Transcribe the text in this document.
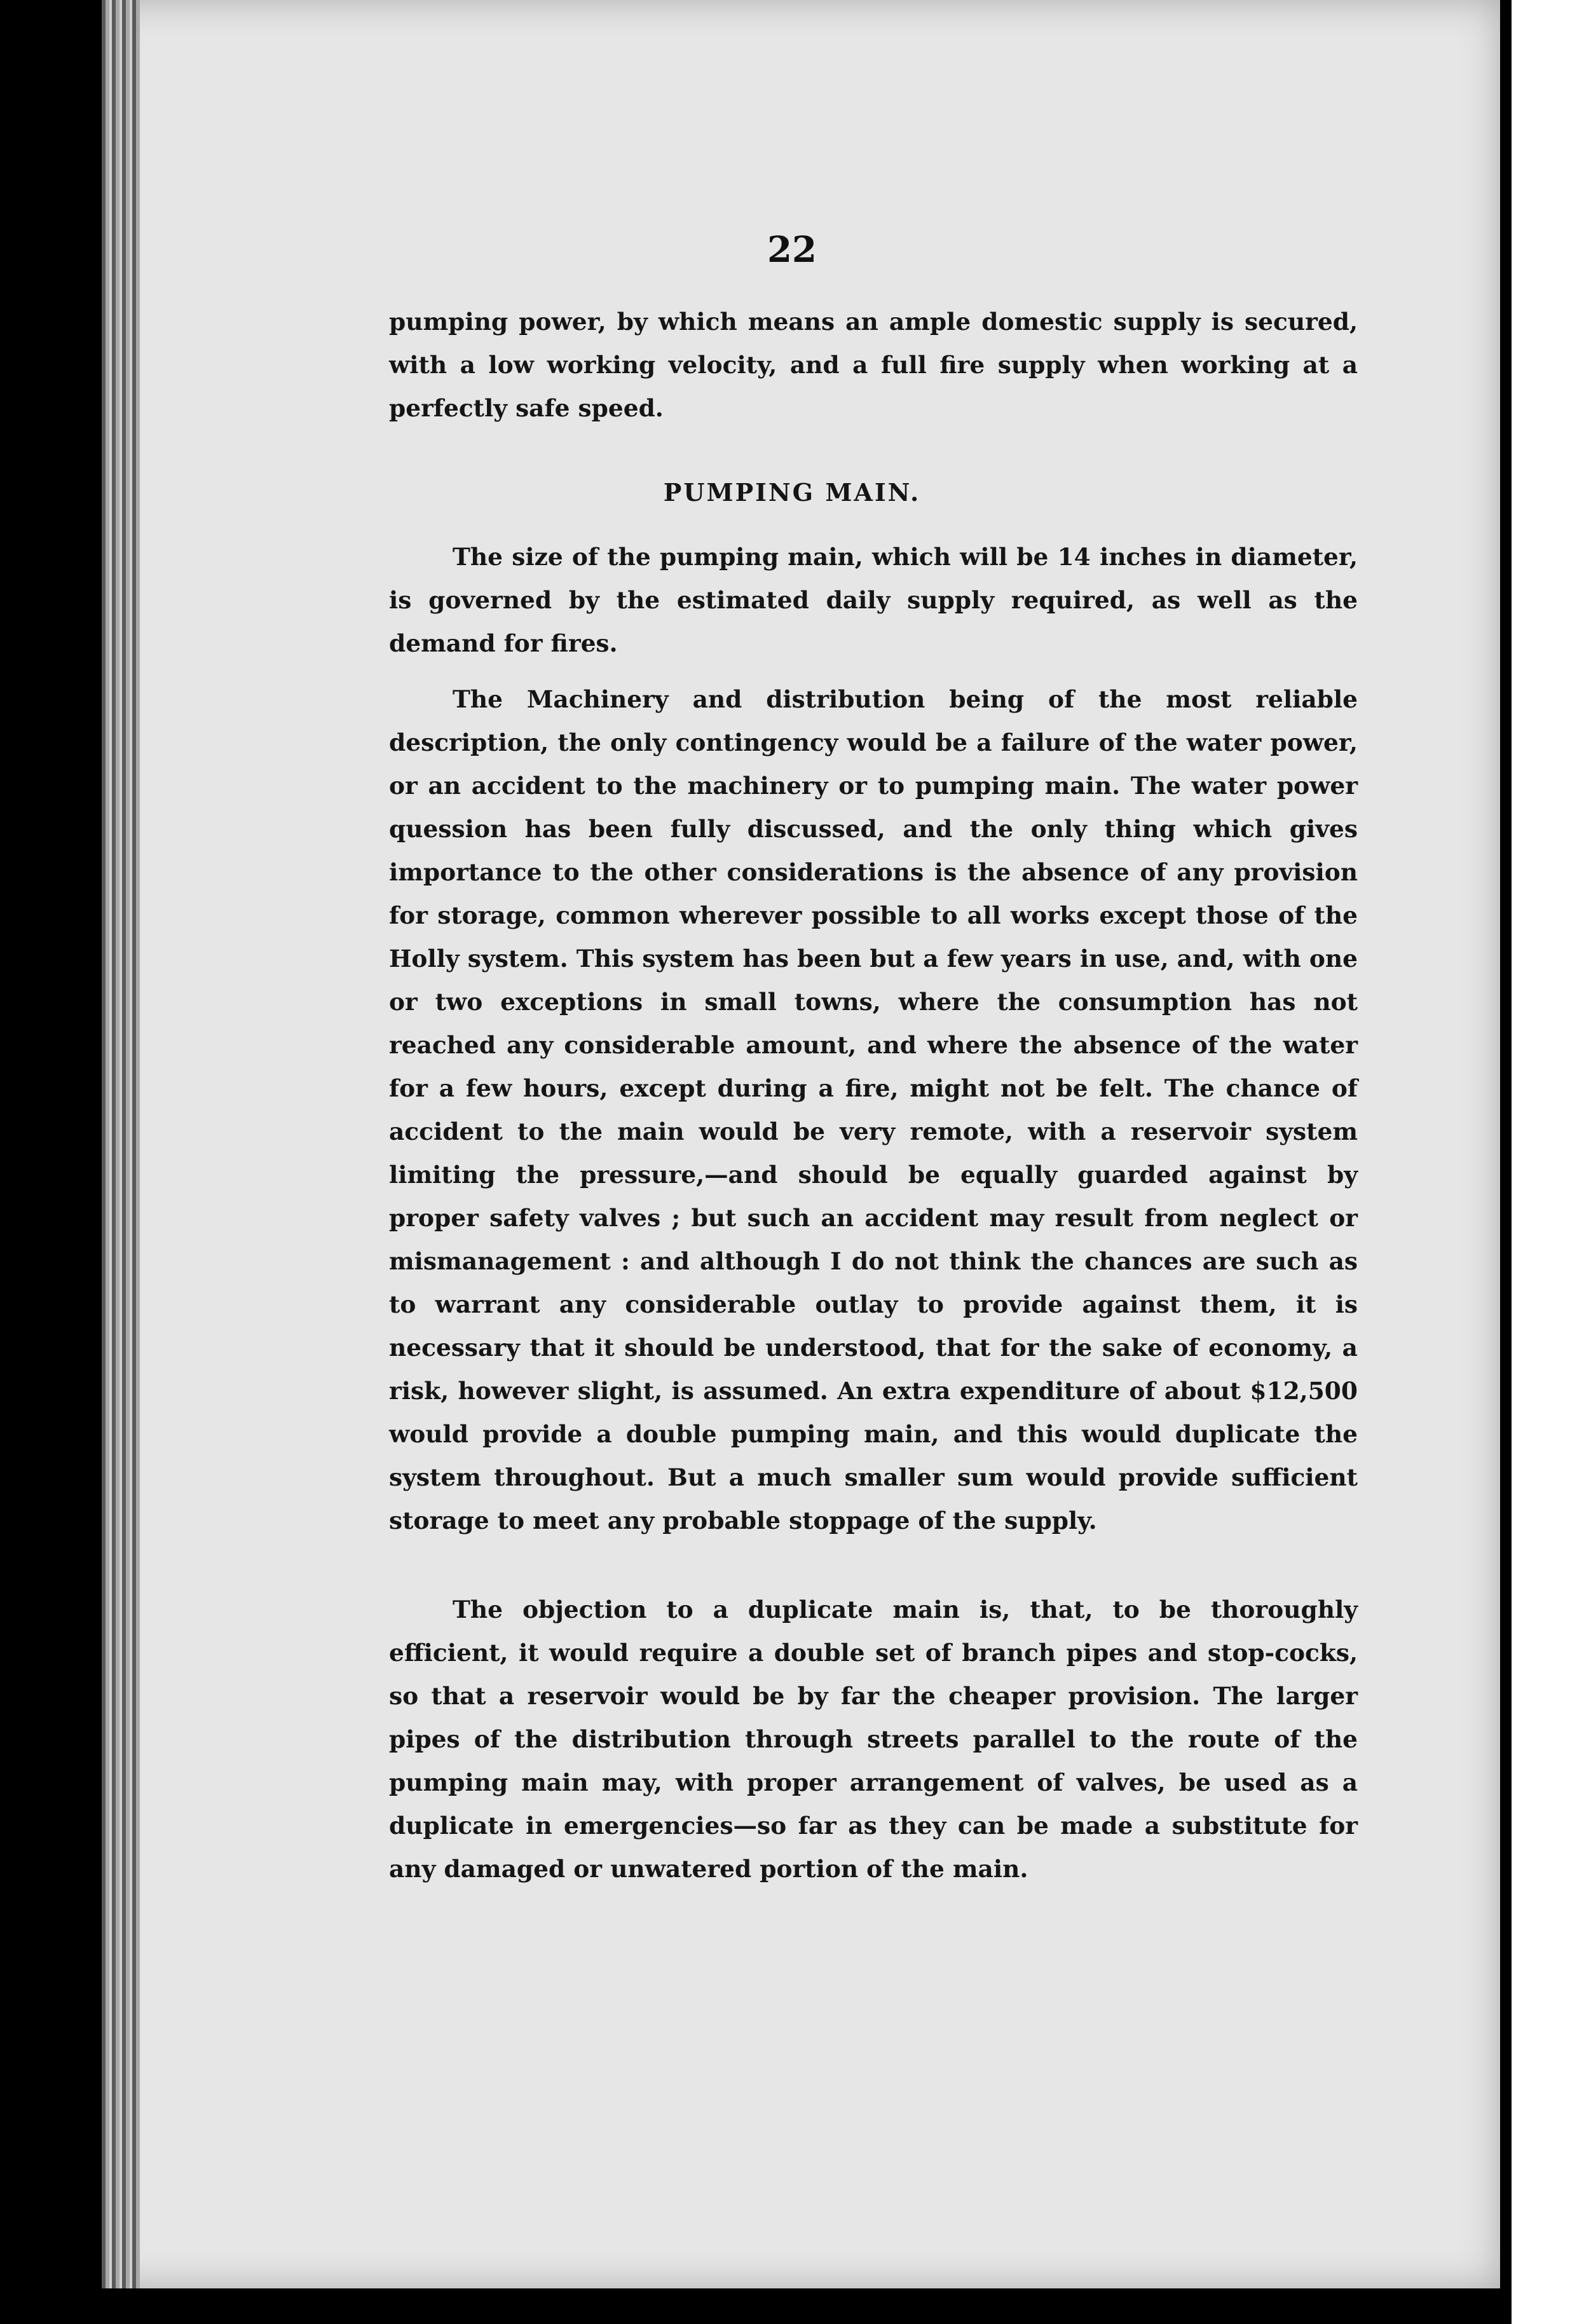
22

pumping power, by which means an ample domestic supply is secured, with a low working velocity, and a full fire supply when working at a perfectly safe speed.

PUMPING MAIN.

The size of the pumping main, which will be 14 inches in diameter, is governed by the estimated daily supply required, as well as the demand for fires.

The Machinery and distribution being of the most reliable description, the only contingency would be a failure of the water power, or an accident to the machinery or to pumping main. The water power quession has been fully discussed, and the only thing which gives importance to the other considerations is the absence of any provision for storage, common wherever possible to all works except those of the Holly system. This system has been but a few years in use, and, with one or two exceptions in small towns, where the consumption has not reached any considerable amount, and where the absence of the water for a few hours, except during a fire, might not be felt. The chance of accident to the main would be very remote, with a reservoir system limiting the pressure,—and should be equally guarded against by proper safety valves ; but such an accident may result from neglect or mismanagement : and although I do not think the chances are such as to warrant any considerable outlay to provide against them, it is necessary that it should be understood, that for the sake of economy, a risk, however slight, is assumed. An extra expenditure of about $12,500 would provide a double pumping main, and this would duplicate the system throughout. But a much smaller sum would provide sufficient storage to meet any probable stoppage of the supply.

The objection to a duplicate main is, that, to be thoroughly efficient, it would require a double set of branch pipes and stop-cocks, so that a reservoir would be by far the cheaper provision. The larger pipes of the distribution through streets parallel to the route of the pumping main may, with proper arrangement of valves, be used as a duplicate in emergencies—so far as they can be made a substitute for any damaged or unwatered portion of the main.
